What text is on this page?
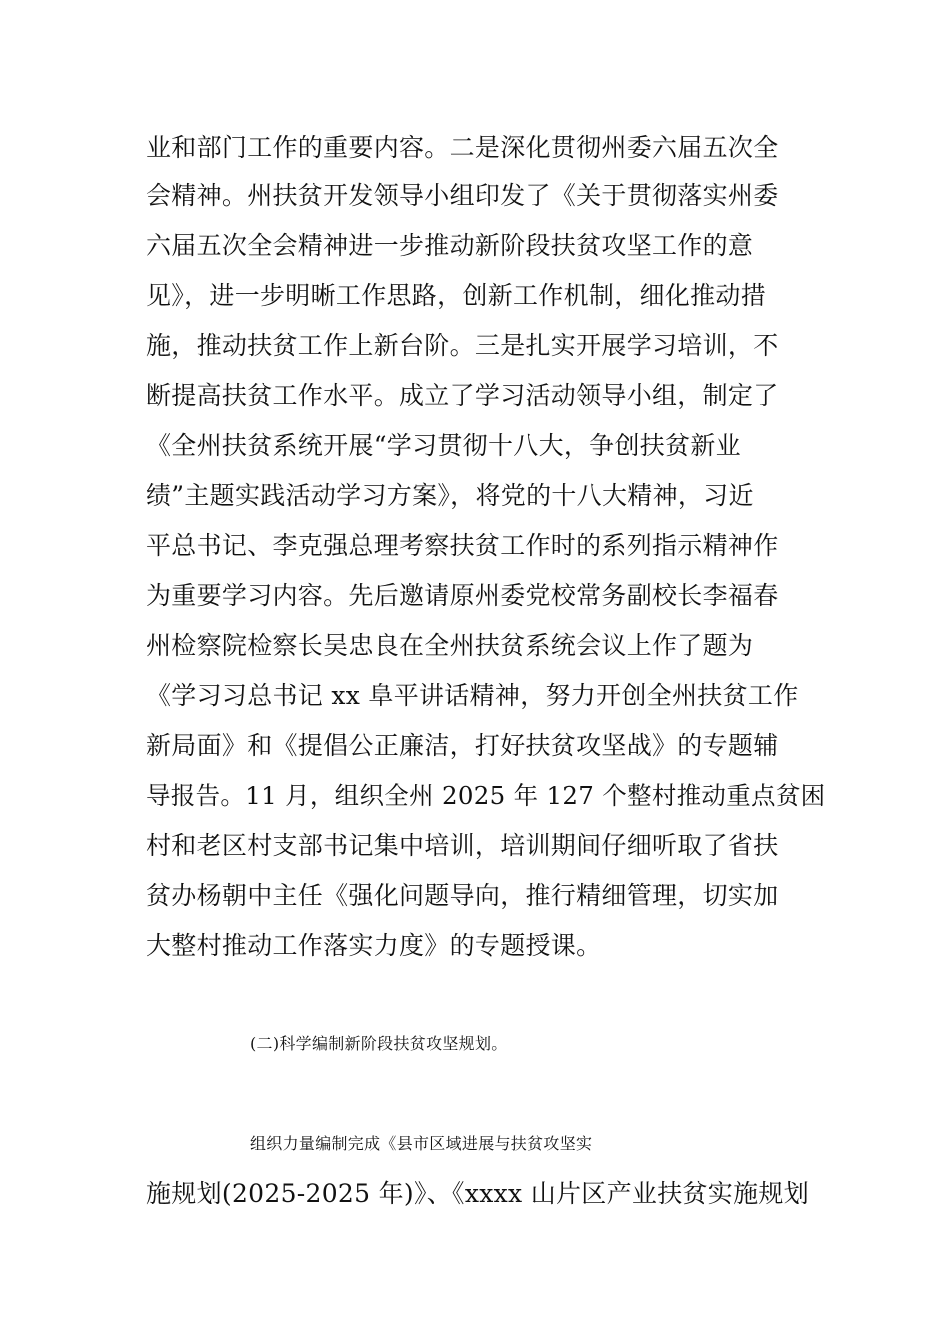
业和部门工作的重要内容。二是深化贯彻州委六届五次全
会精神。州扶贫开发领导小组印发了《关于贯彻落实州委
六届五次全会精神进一步推动新阶段扶贫攻坚工作的意
见》，进一步明晰工作思路，创新工作机制，细化推动措
施，推动扶贫工作上新台阶。三是扎实开展学习培训，不
断提高扶贫工作水平。成立了学习活动领导小组，制定了
《全州扶贫系统开展“学习贯彻十八大，争创扶贫新业
绩”主题实践活动学习方案》，将党的十八大精神，习近
平总书记、李克强总理考察扶贫工作时的系列指示精神作
为重要学习内容。先后邀请原州委党校常务副校长李福春
州检察院检察长吴忠良在全州扶贫系统会议上作了题为
《学习习总书记 xx 阜平讲话精神，努力开创全州扶贫工作
新局面》和《提倡公正廉洁，打好扶贫攻坚战》的专题辅
导报告。11 月，组织全州 2025 年 127 个整村推动重点贫困
村和老区村支部书记集中培训，培训期间仔细听取了省扶
贫办杨朝中主任《强化问题导向，推行精细管理，切实加
大整村推动工作落实力度》的专题授课。
(二)科学编制新阶段扶贫攻坚规划。
组织力量编制完成《县市区域进展与扶贫攻坚实
施规划(2025-2025 年)》、《xxxx 山片区产业扶贫实施规划
